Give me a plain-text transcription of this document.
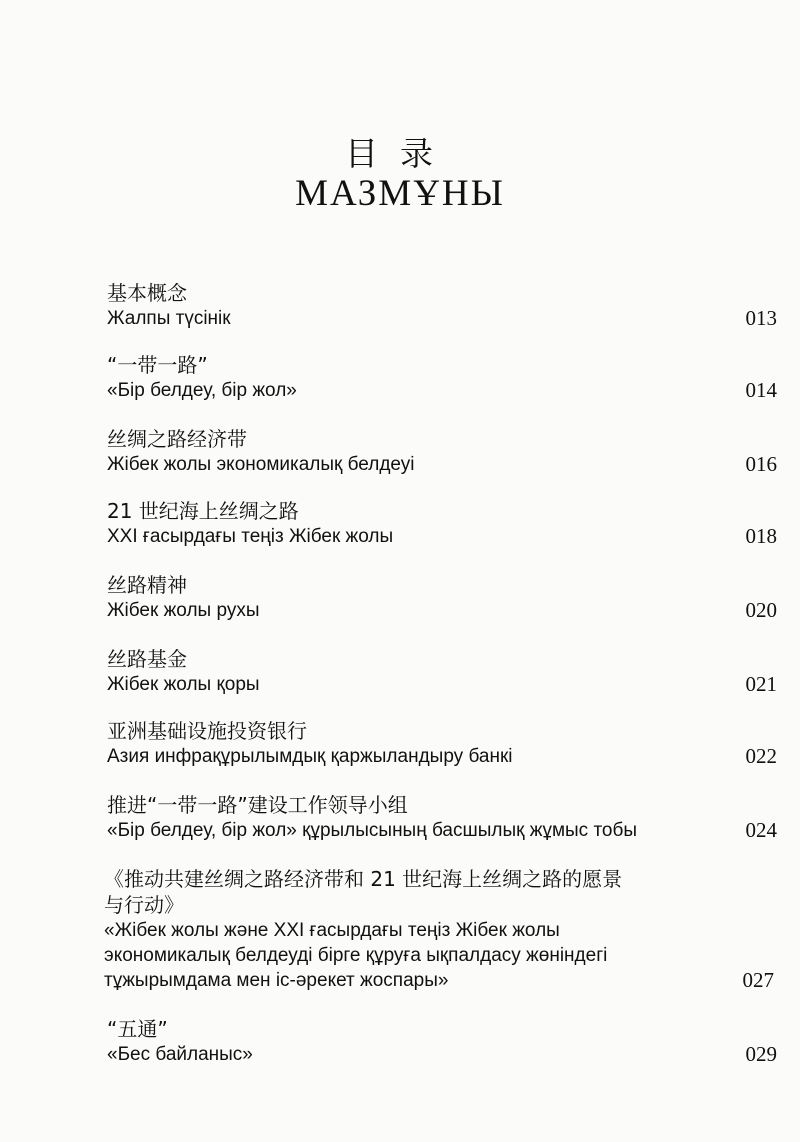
目录
МАЗМҰНЫ
基本概念
Жалпы түсінік	013
“一带一路”
«Бір белдеу, бір жол»	014
丝绸之路经济带
Жібек жолы экономикалық белдеуі	016
21 世纪海上丝绸之路
XXI ғасырдағы теңіз Жібек жолы	018
丝路精神
Жібек жолы рухы	020
丝路基金
Жібек жолы қоры	021
亚洲基础设施投资银行
Азия инфрақұрылымдық қаржыландыру банкі	022
推进“一带一路”建设工作领导小组
«Бір белдеу, бір жол» құрылысының басшылық жұмыс тобы	024
《推动共建丝绸之路经济带和 21 世纪海上丝绸之路的愿景
与行动》
«Жібек жолы және XXI ғасырдағы теңіз Жібек жолы
экономикалық белдеуді бірге құруға ықпалдасу жөніндегі
тұжырымдама мен іс-әрекет жоспары»	027
“五通”
«Бес байланыс»	029
